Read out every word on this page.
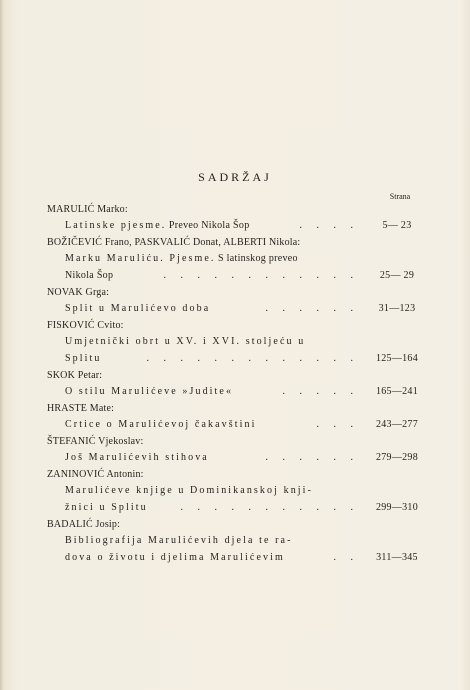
SADRŽAJ
Strana
MARULIĆ Marko:
Latinske pjesme. Preveo Nikola Šop	. . . .	5— 23
BOŽIČEVIĆ Frano, PASKVALIĆ Donat, ALBERTI Nikola:
Marku Maruliću. Pjesme. S latinskog preveo
Nikola Šop	. . . . . . . . . . . .	25— 29
NOVAK Grga:
Split u Marulićevo doba	. . . . . .	31—123
FISKOVIĆ Cvito:
Umjetnički obrt u XV. i XVI. stoljeću u
Splitu	. . . . . . . . . . . . .	125—164
SKOK Petar:
O stilu Marulićeve »Judite«	. . . . .	165—241
HRASTE Mate:
Crtice o Marulićevoj čakavštini	. . .	243—277
ŠTEFANIĆ Vjekoslav:
Još Marulićevih stihova	. . . . . .	279—298
ZANINOVIĆ Antonin:
Marulićeve knjige u Dominikanskoj knji-
žnici u Splitu	. . . . . . . . . . .	299—310
BADALIĆ Josip:
Bibliografija Marulićevih djela te ra-
dova o životu i djelima Marulićevim	. .	311—345
